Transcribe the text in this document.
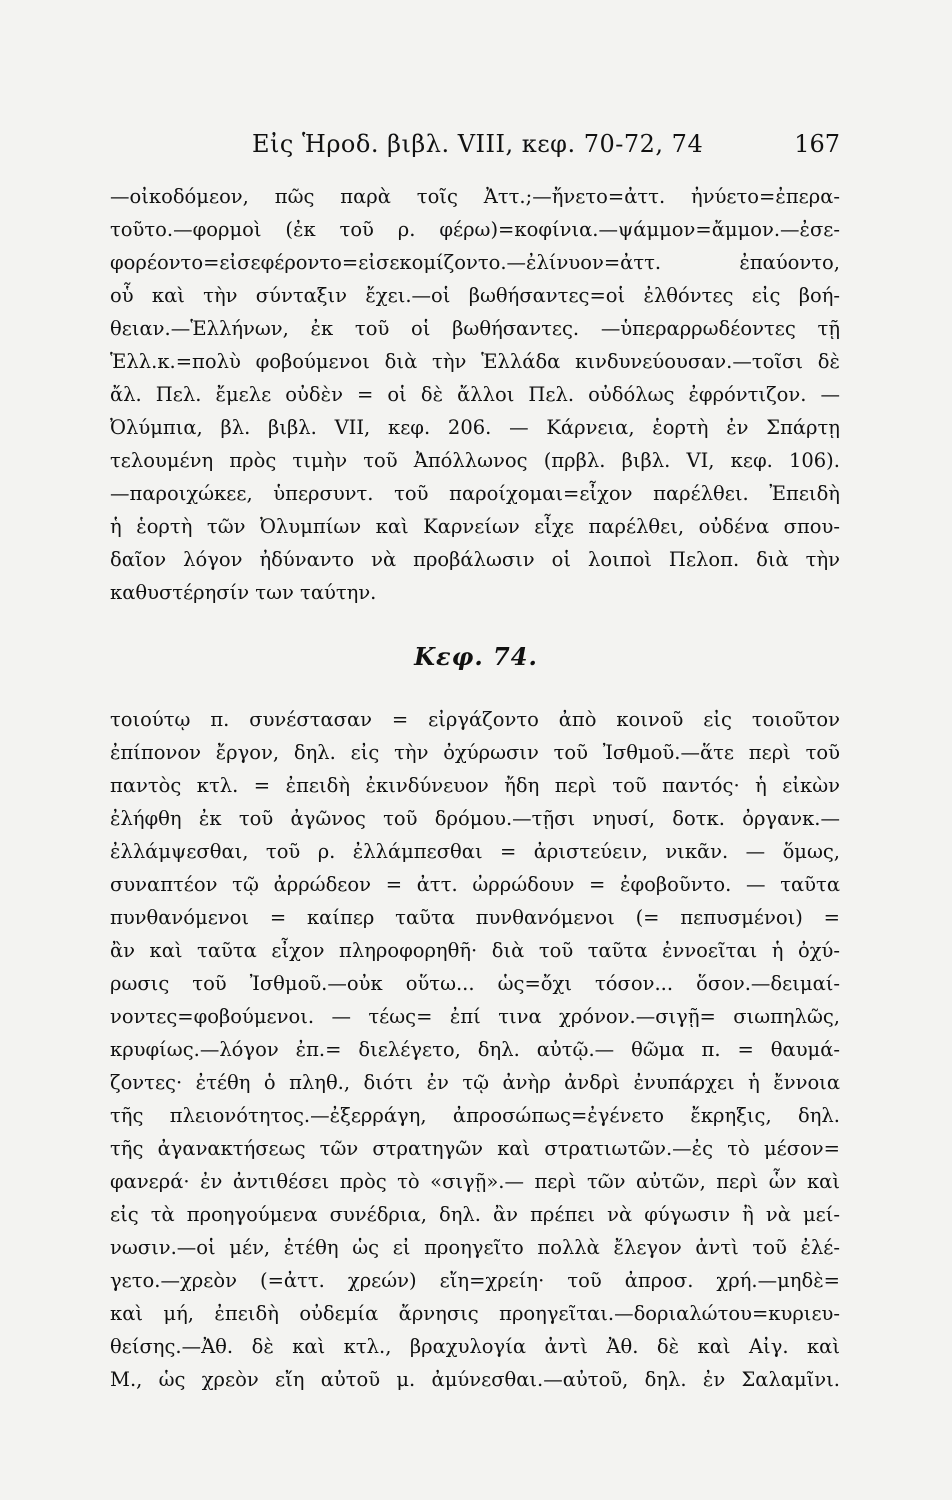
Εἰς Ἡροδ. βιβλ. VIII, κεφ. 70-72, 74	167
—οἰκοδόμεον, πῶς παρὰ τοῖς Ἀττ.;—ἤνετο=ἀττ. ἠνύετο=ἐπερα-
τοῦτο.—φορμοὶ (ἐκ τοῦ ρ. φέρω)=κοφίνια.—ψάμμον=ἄμμον.—ἐσε-
φορέοντο=εἰσεφέροντο=εἰσεκομίζοντο.—ἐλίνυον=ἀττ. ἐπαύοντο,
οὗ καὶ τὴν σύνταξιν ἔχει.—οἱ βωθήσαντες=οἱ ἐλθόντες εἰς βοή-
θειαν.—Ἑλλήνων, ἐκ τοῦ οἱ βωθήσαντες. —ὑπεραρρωδέοντες τῇ
Ἑλλ.κ.=πολὺ φοβούμενοι διὰ τὴν Ἑλλάδα κινδυνεύουσαν.—τοῖσι δὲ
ἄλ. Πελ. ἔμελε οὐδὲν = οἱ δὲ ἄλλοι Πελ. οὐδόλως ἐφρόντιζον. —
Ὀλύμπια, βλ. βιβλ. VII, κεφ. 206. — Κάρνεια, ἑορτὴ ἐν Σπάρτῃ
τελουμένη πρὸς τιμὴν τοῦ Ἀπόλλωνος (πρβλ. βιβλ. VI, κεφ. 106).
—παροιχώκεε, ὑπερσυντ. τοῦ παροίχομαι=εἶχον παρέλθει. Ἐπειδὴ
ἡ ἑορτὴ τῶν Ὀλυμπίων καὶ Καρνείων εἶχε παρέλθει, οὐδένα σπου-
δαῖον λόγον ἠδύναντο νὰ προβάλωσιν οἱ λοιποὶ Πελοπ. διὰ τὴν
καθυστέρησίν των ταύτην.
Κεφ. 74.
τοιούτῳ π. συνέστασαν = εἰργάζοντο ἀπὸ κοινοῦ εἰς τοιοῦτον
ἐπίπονον ἔργον, δηλ. εἰς τὴν ὀχύρωσιν τοῦ Ἰσθμοῦ.—ἅτε περὶ τοῦ
παντὸς κτλ. = ἐπειδὴ ἐκινδύνευον ἤδη περὶ τοῦ παντός· ἡ εἰκὼν
ἐλήφθη ἐκ τοῦ ἀγῶνος τοῦ δρόμου.—τῇσι νηυσί, δοτκ. ὀργανκ.—
ἐλλάμψεσθαι, τοῦ ρ. ἐλλάμπεσθαι = ἀριστεύειν, νικᾶν. — ὅμως,
συναπτέον τῷ ἀρρώδεον = ἀττ. ὠρρώδουν = ἐφοβοῦντο. — ταῦτα
πυνθανόμενοι = καίπερ ταῦτα πυνθανόμενοι (= πεπυσμένοι) =
ἂν καὶ ταῦτα εἶχον πληροφορηθῆ· διὰ τοῦ ταῦτα ἐννοεῖται ἡ ὀχύ-
ρωσις τοῦ Ἰσθμοῦ.—οὐκ οὕτω... ὡς=ὄχι τόσον... ὅσον.—δειμαί-
νοντες=φοβούμενοι. — τέως= ἐπί τινα χρόνον.—σιγῇ= σιωπηλῶς,
κρυφίως.—λόγον ἐπ.= διελέγετο, δηλ. αὐτῷ.— θῶμα π. = θαυμά-
ζοντες· ἐτέθη ὁ πληθ., διότι ἐν τῷ ἀνὴρ ἀνδρὶ ἐνυπάρχει ἡ ἔννοια
τῆς πλειονότητος.—ἐξερράγη, ἀπροσώπως=ἐγένετο ἔκρηξις, δηλ.
τῆς ἀγανακτήσεως τῶν στρατηγῶν καὶ στρατιωτῶν.—ἐς τὸ μέσον=
φανερά· ἐν ἀντιθέσει πρὸς τὸ «σιγῇ».— περὶ τῶν αὐτῶν, περὶ ὧν καὶ
εἰς τὰ προηγούμενα συνέδρια, δηλ. ἂν πρέπει νὰ φύγωσιν ἢ νὰ μεί-
νωσιν.—οἱ μέν, ἐτέθη ὡς εἰ προηγεῖτο πολλὰ ἔλεγον ἀντὶ τοῦ ἐλέ-
γετο.—χρεὸν (=ἀττ. χρεών) εἴη=χρείη· τοῦ ἀπροσ. χρή.—μηδὲ=
καὶ μή, ἐπειδὴ οὐδεμία ἄρνησις προηγεῖται.—δοριαλώτου=κυριευ-
θείσης.—Ἀθ. δὲ καὶ κτλ., βραχυλογία ἀντὶ Ἀθ. δὲ καὶ Αἰγ. καὶ
Μ., ὡς χρεὸν εἴη αὐτοῦ μ. ἀμύνεσθαι.—αὐτοῦ, δηλ. ἐν Σαλαμῖνι.
